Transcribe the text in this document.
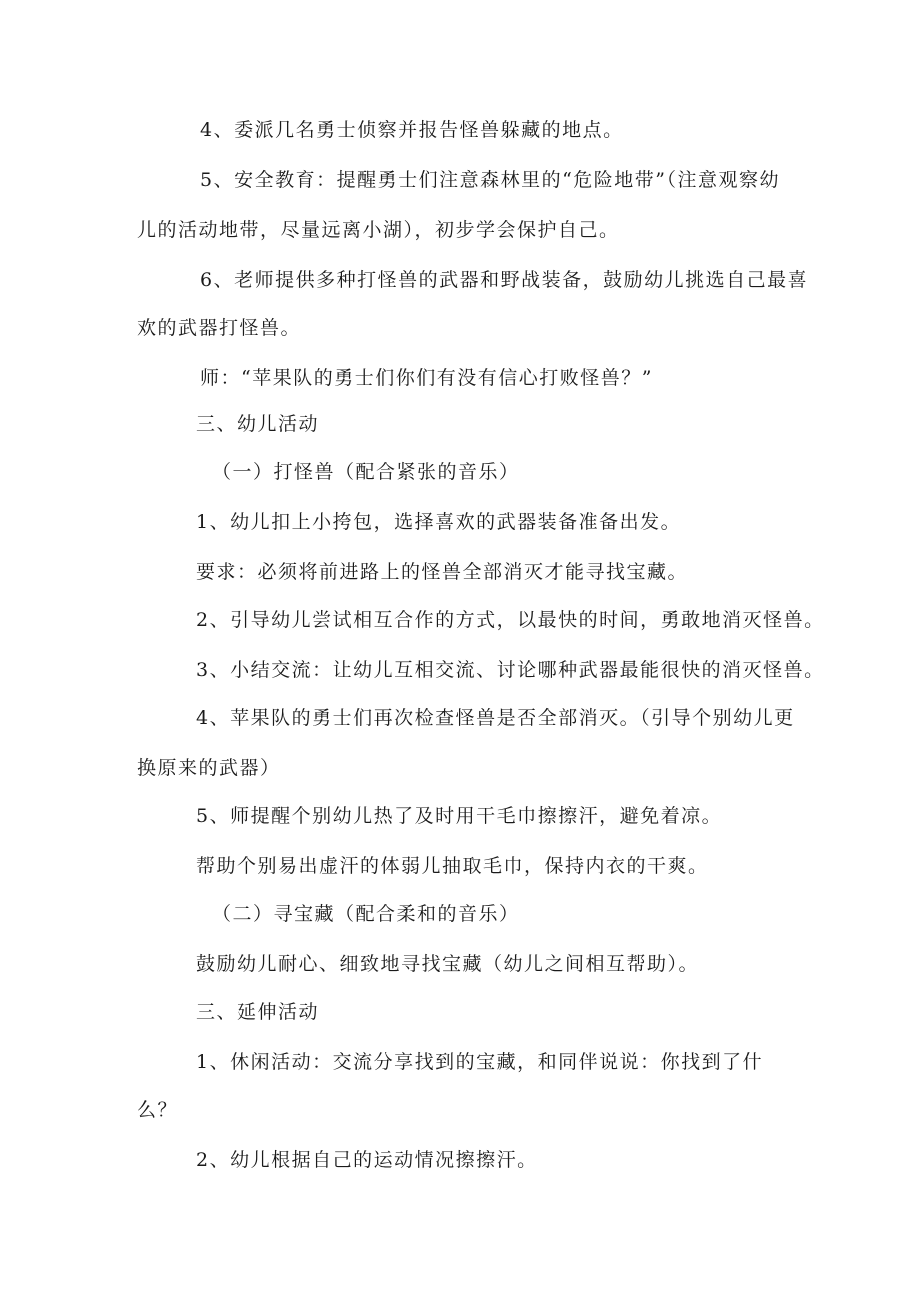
4、委派几名勇士侦察并报告怪兽躲藏的地点。
5、安全教育：提醒勇士们注意森林里的“危险地带”（注意观察幼
儿的活动地带，尽量远离小湖），初步学会保护自己。
6、老师提供多种打怪兽的武器和野战装备，鼓励幼儿挑选自己最喜
欢的武器打怪兽。
师：“苹果队的勇士们你们有没有信心打败怪兽？”
三、幼儿活动
（一）打怪兽（配合紧张的音乐）
1、幼儿扣上小挎包，选择喜欢的武器装备准备出发。
要求：必须将前进路上的怪兽全部消灭才能寻找宝藏。
2、引导幼儿尝试相互合作的方式，以最快的时间，勇敢地消灭怪兽。
3、小结交流：让幼儿互相交流、讨论哪种武器最能很快的消灭怪兽。
4、苹果队的勇士们再次检查怪兽是否全部消灭。（引导个别幼儿更
换原来的武器）
5、师提醒个别幼儿热了及时用干毛巾擦擦汗，避免着凉。
帮助个别易出虚汗的体弱儿抽取毛巾，保持内衣的干爽。
（二）寻宝藏（配合柔和的音乐）
鼓励幼儿耐心、细致地寻找宝藏（幼儿之间相互帮助）。
三、延伸活动
1、休闲活动：交流分享找到的宝藏，和同伴说说：你找到了什
么？
2、幼儿根据自己的运动情况擦擦汗。
